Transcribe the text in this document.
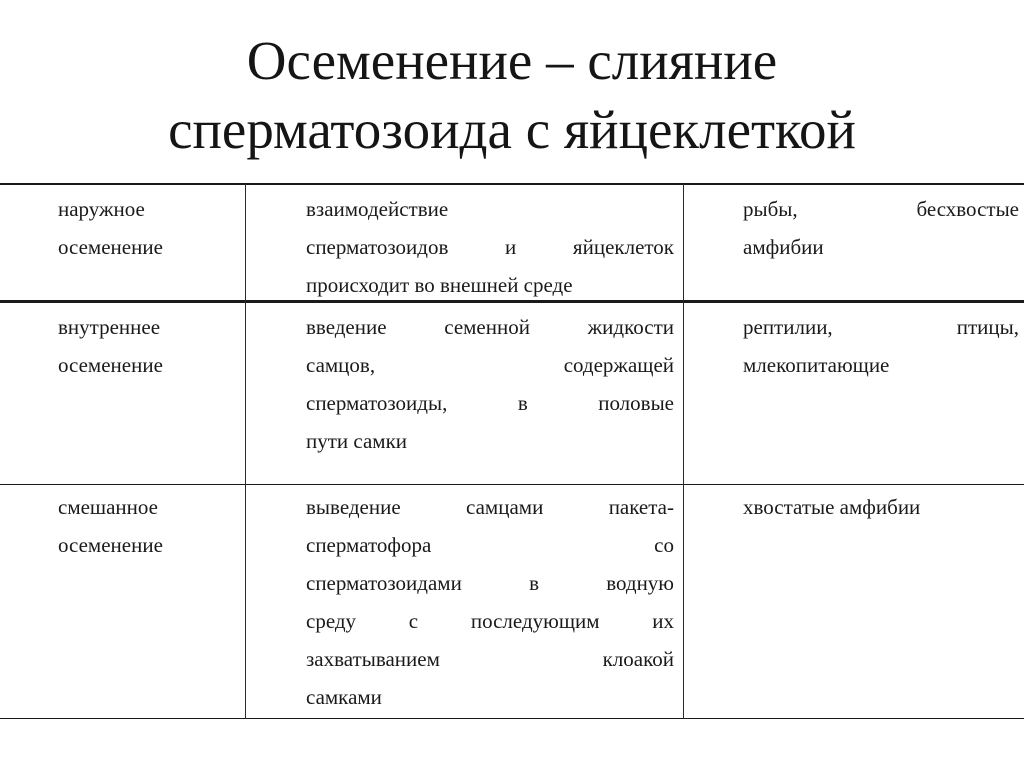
Осеменение – слияние
сперматозоида с яйцеклеткой
наружное
осеменение
взаимодействие
сперматозоидов и яйцеклеток
происходит во внешней среде
рыбы, бесхвостые
амфибии
внутреннее
осеменение
введение семенной жидкости
самцов, содержащей
сперматозоиды, в половые
пути самки
рептилии, птицы,
млекопитающие
смешанное
осеменение
выведение самцами пакета-
сперматофора со
сперматозоидами в водную
среду с последующим их
захватыванием клоакой
самками
хвостатые амфибии
